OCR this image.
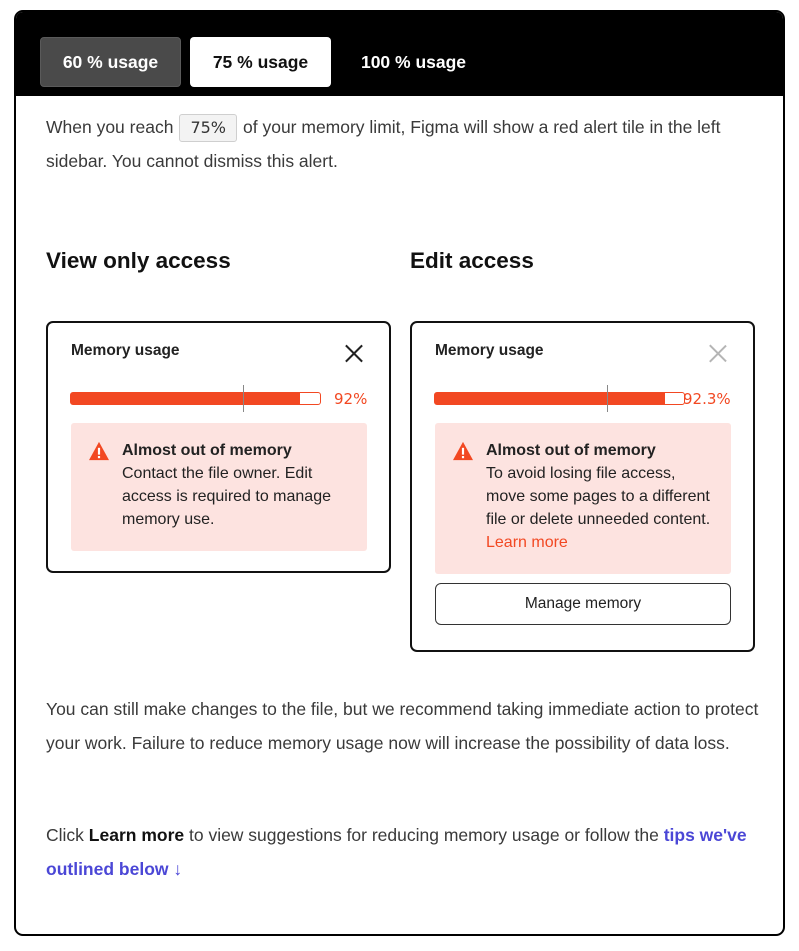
60 % usage	75 % usage	100 % usage

When you reach 75% of your memory limit, Figma will show a red alert tile in the left sidebar. You cannot dismiss this alert.

View only access	Edit access
Memory usage
92%
Almost out of memory
Contact the file owner. Edit access is required to manage memory use.
Memory usage
92.3%
Almost out of memory
To avoid losing file access, move some pages to a different file or delete unneeded content. Learn more
Manage memory

You can still make changes to the file, but we recommend taking immediate action to protect your work. Failure to reduce memory usage now will increase the possibility of data loss.

Click Learn more to view suggestions for reducing memory usage or follow the tips we've outlined below ↓
